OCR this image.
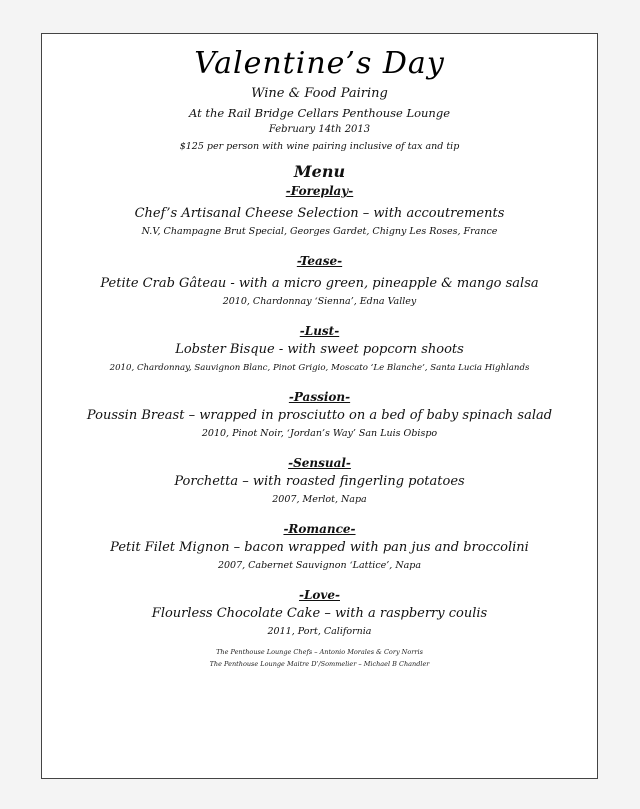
Valentine’s Day
Wine & Food Pairing
At the Rail Bridge Cellars Penthouse Lounge
February 14th 2013
$125 per person with wine pairing inclusive of tax and tip
Menu
-Foreplay-
Chef’s Artisanal Cheese Selection – with accoutrements
N.V, Champagne Brut Special, Georges Gardet, Chigny Les Roses, France
-Tease-
Petite Crab Gâteau - with a micro green, pineapple & mango salsa
2010, Chardonnay ‘Sienna’, Edna Valley
-Lust-
Lobster Bisque - with sweet popcorn shoots
2010, Chardonnay, Sauvignon Blanc, Pinot Grigio, Moscato ‘Le Blanche’, Santa Lucia Highlands
-Passion-
Poussin Breast – wrapped in prosciutto on a bed of baby spinach salad
2010, Pinot Noir, ‘Jordan’s Way’ San Luis Obispo
-Sensual-
Porchetta – with roasted fingerling potatoes
2007, Merlot, Napa
-Romance-
Petit Filet Mignon – bacon wrapped with pan jus and broccolini
2007, Cabernet Sauvignon ‘Lattice’, Napa
-Love-
Flourless Chocolate Cake – with a raspberry coulis
2011, Port, California
The Penthouse Lounge Chefs – Antonio Morales & Cory Norris
The Penthouse Lounge Maitre D’/Sommelier – Michael B Chandler
